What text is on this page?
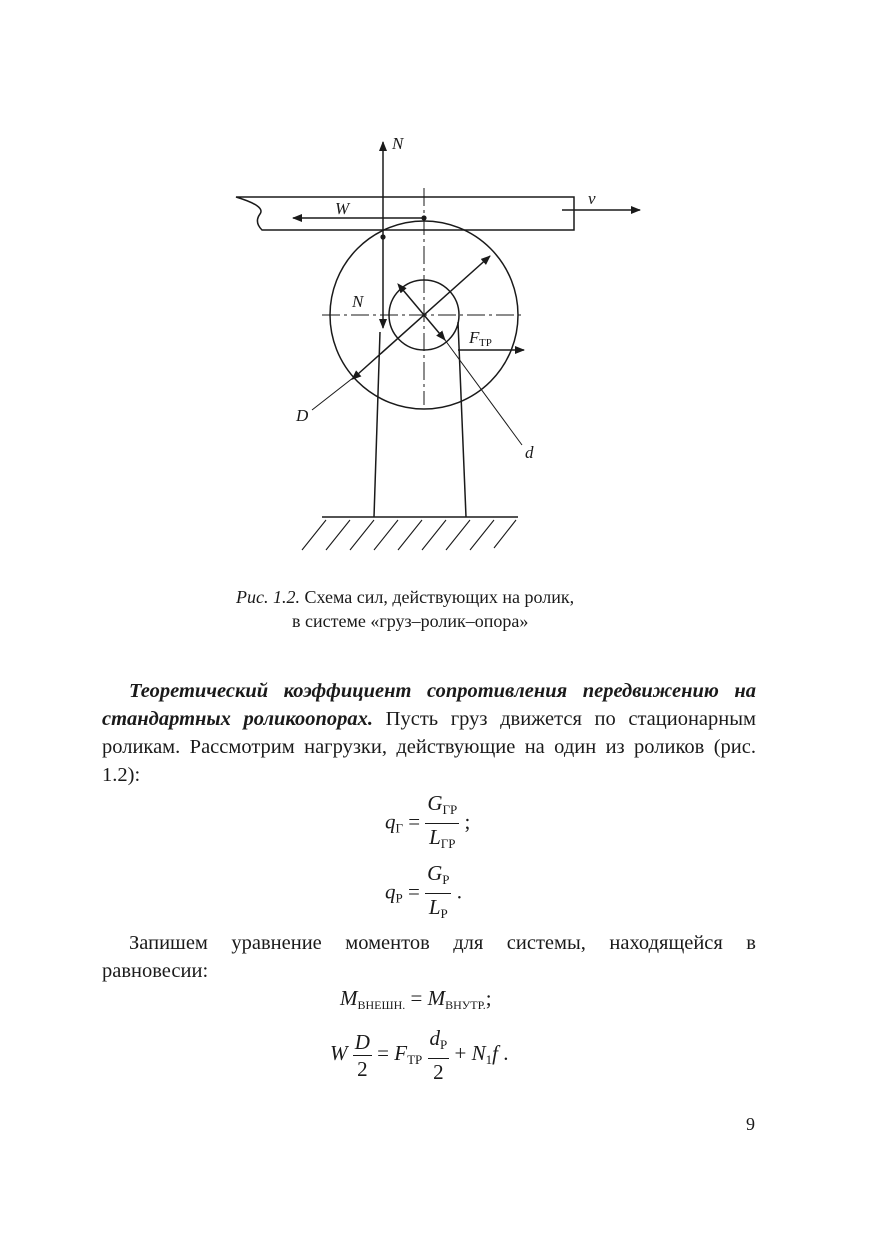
N
W
v
N
F ТР
D
d
Рис. 1.2. Схема сил, действующих на ролик,
в системе «груз–ролик–опора»
Теоретический коэффициент сопротивления передвижению на стандартных роликоопорах. Пусть груз движется по стационарным роликам. Рассмотрим нагрузки, действующие на один из роликов (рис. 1.2):
$q_Г = \frac{G_{ГР}}{L_{ГР}}$ ;
$q_Р = \frac{G_Р}{L_Р}$ .
Запишем уравнение моментов для системы, находящейся в равновесии:
$M_{ВНЕШН.} = M_{ВНУТР.}$;
W $\frac{D}{2} = F_{ТР} \frac{d_Р}{2} + N_1f$ .
9
